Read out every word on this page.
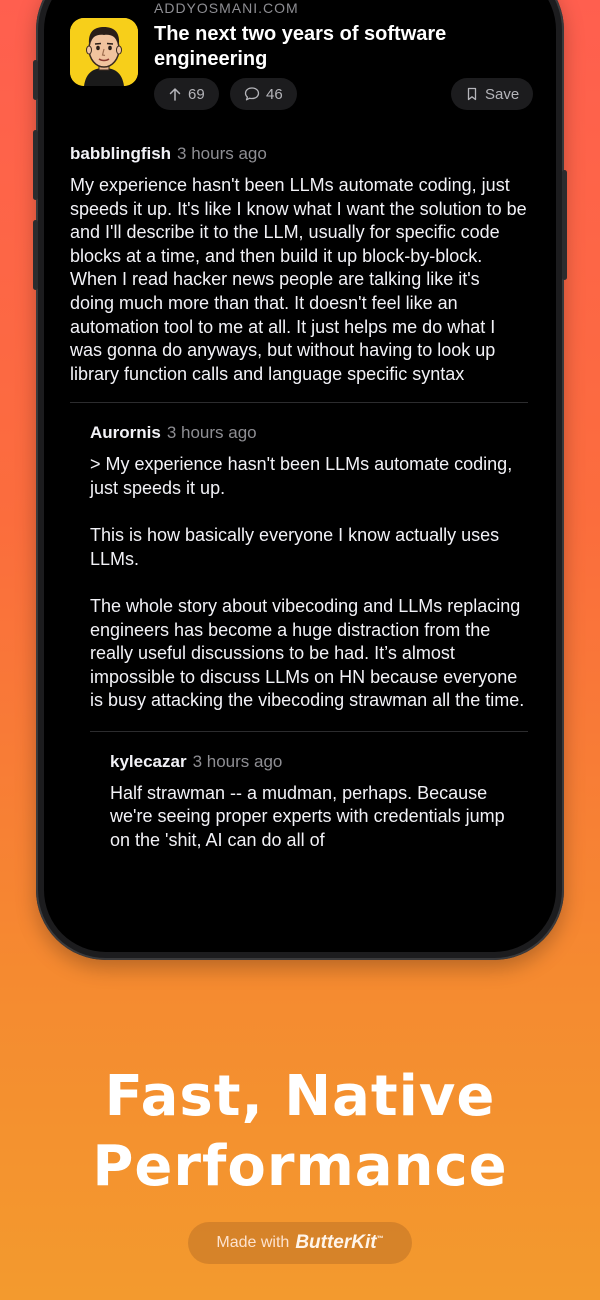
ADDYOSMANI.COM
The next two years of software engineering
69	46	Save
babblingfish 3 hours ago

My experience hasn't been LLMs automate coding, just speeds it up. It's like I know what I want the solution to be and I'll describe it to the LLM, usually for specific code blocks at a time, and then build it up block-by-block. When I read hacker news people are talking like it's doing much more than that. It doesn't feel like an automation tool to me at all. It just helps me do what I was gonna do anyways, but without having to look up library function calls and language specific syntax

Aurornis 3 hours ago

> My experience hasn't been LLMs automate coding, just speeds it up.

This is how basically everyone I know actually uses LLMs.

The whole story about vibecoding and LLMs replacing engineers has become a huge distraction from the really useful discussions to be had. It’s almost impossible to discuss LLMs on HN because everyone is busy attacking the vibecoding strawman all the time.

kylecazar 3 hours ago

Half strawman -- a mudman, perhaps. Because we're seeing proper experts with credentials jump on the 'shit, AI can do all of

Fast, Native
Performance
Made with ButterKit™
